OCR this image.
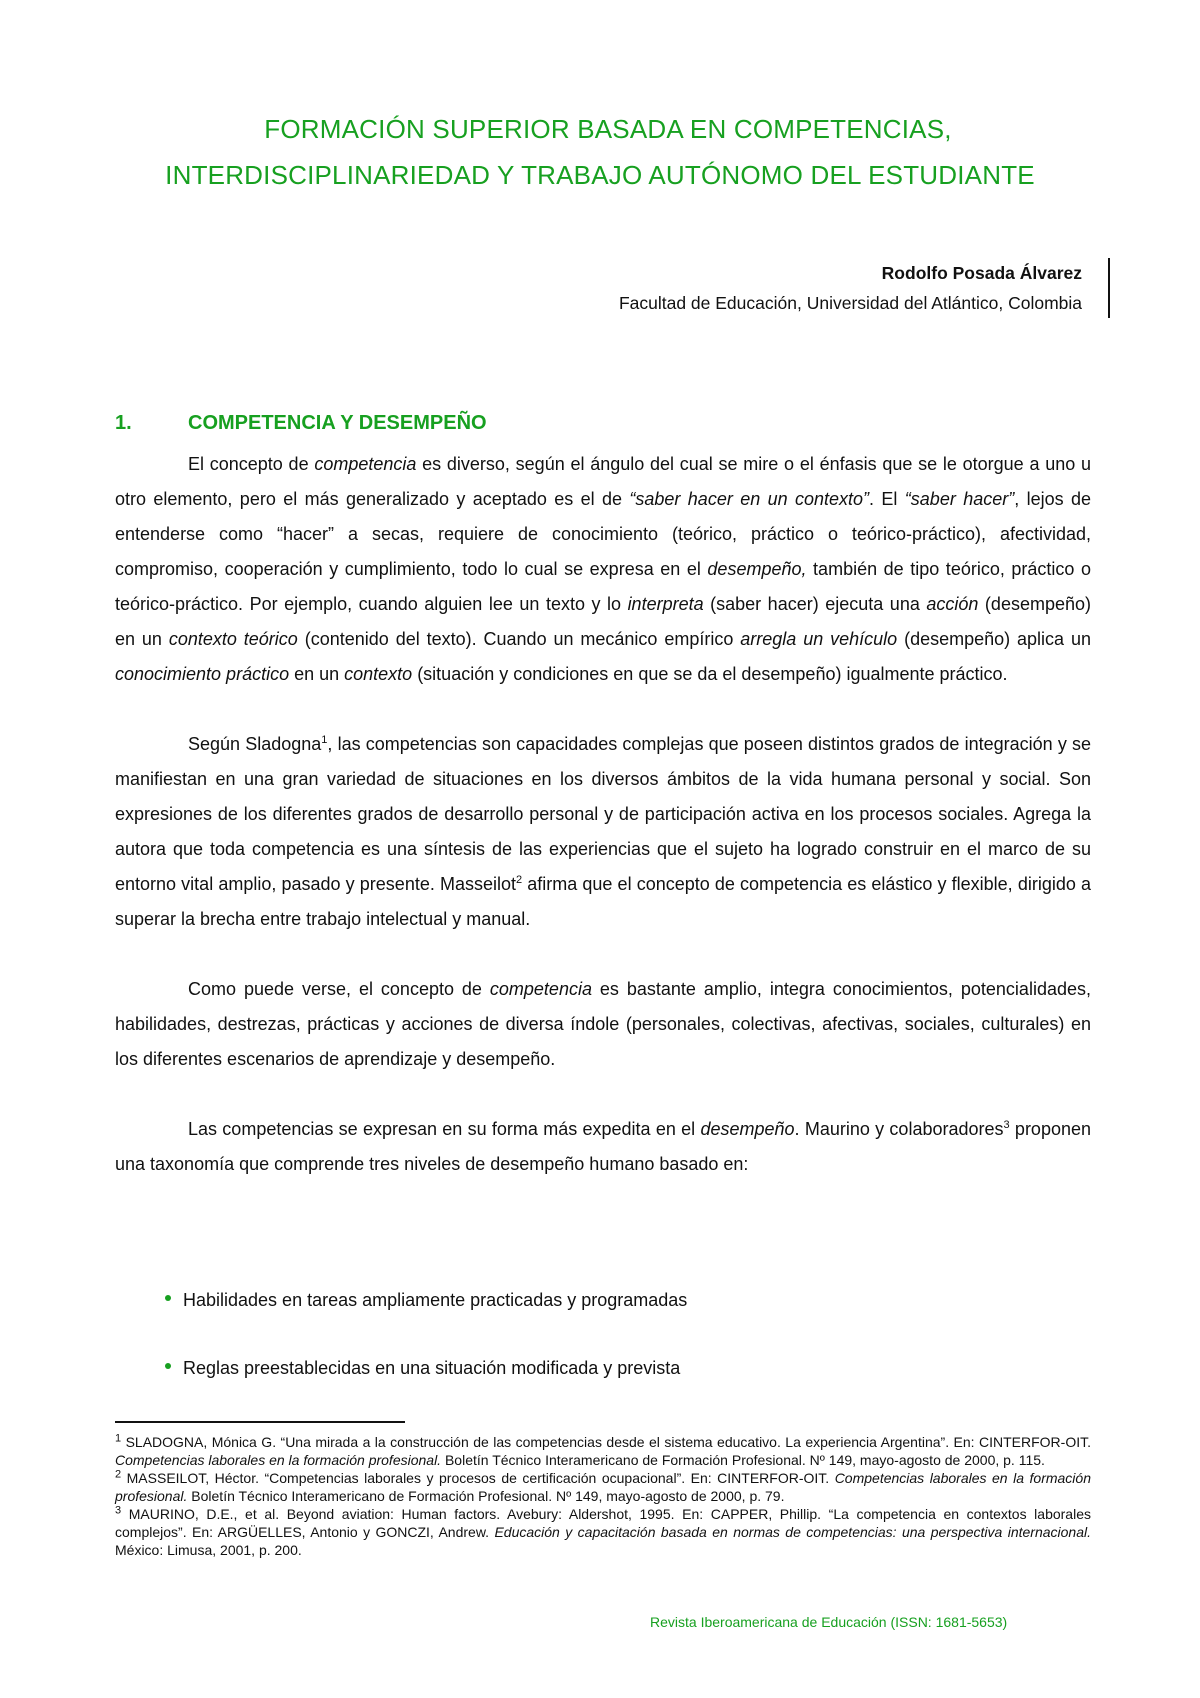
FORMACIÓN SUPERIOR BASADA EN COMPETENCIAS,
INTERDISCIPLINARIEDAD Y TRABAJO AUTÓNOMO DEL ESTUDIANTE
Rodolfo Posada Álvarez
Facultad de Educación, Universidad del Atlántico, Colombia
1.	COMPETENCIA Y DESEMPEÑO

El concepto de competencia es diverso, según el ángulo del cual se mire o el énfasis que se le otorgue a uno u otro elemento, pero el más generalizado y aceptado es el de “saber hacer en un contexto”. El “saber hacer”, lejos de entenderse como “hacer” a secas, requiere de conocimiento (teórico, práctico o teórico-práctico), afectividad, compromiso, cooperación y cumplimiento, todo lo cual se expresa en el desempeño, también de tipo teórico, práctico o teórico-práctico. Por ejemplo, cuando alguien lee un texto y lo interpreta (saber hacer) ejecuta una acción (desempeño) en un contexto teórico (contenido del texto). Cuando un mecánico empírico arregla un vehículo (desempeño) aplica un conocimiento práctico en un contexto (situación y condiciones en que se da el desempeño) igualmente práctico.

Según Sladogna$^1$, las competencias son capacidades complejas que poseen distintos grados de integración y se manifiestan en una gran variedad de situaciones en los diversos ámbitos de la vida humana personal y social. Son expresiones de los diferentes grados de desarrollo personal y de participación activa en los procesos sociales. Agrega la autora que toda competencia es una síntesis de las experiencias que el sujeto ha logrado construir en el marco de su entorno vital amplio, pasado y presente. Masseilot$^2$ afirma que el concepto de competencia es elástico y flexible, dirigido a superar la brecha entre trabajo intelectual y manual.

Como puede verse, el concepto de competencia es bastante amplio, integra conocimientos, potencialidades, habilidades, destrezas, prácticas y acciones de diversa índole (personales, colectivas, afectivas, sociales, culturales) en los diferentes escenarios de aprendizaje y desempeño.

Las competencias se expresan en su forma más expedita en el desempeño. Maurino y colaboradores$^3$ proponen una taxonomía que comprende tres niveles de desempeño humano basado en:

Habilidades en tareas ampliamente practicadas y programadas
Reglas preestablecidas en una situación modificada y prevista

$^1$ SLADOGNA, Mónica G. “Una mirada a la construcción de las competencias desde el sistema educativo. La experiencia Argentina”. En: CINTERFOR-OIT. Competencias laborales en la formación profesional. Boletín Técnico Interamericano de Formación Profesional. Nº 149, mayo-agosto de 2000, p. 115.

$^2$ MASSEILOT, Héctor. “Competencias laborales y procesos de certificación ocupacional”. En: CINTERFOR-OIT. Competencias laborales en la formación profesional. Boletín Técnico Interamericano de Formación Profesional. Nº 149, mayo-agosto de 2000, p. 79.

$^3$ MAURINO, D.E., et al. Beyond aviation: Human factors. Avebury: Aldershot, 1995. En: CAPPER, Phillip. “La competencia en contextos laborales complejos”. En: ARGÜELLES, Antonio y GONCZI, Andrew. Educación y capacitación basada en normas de competencias: una perspectiva internacional. México: Limusa, 2001, p. 200.

Revista Iberoamericana de Educación (ISSN: 1681-5653)
